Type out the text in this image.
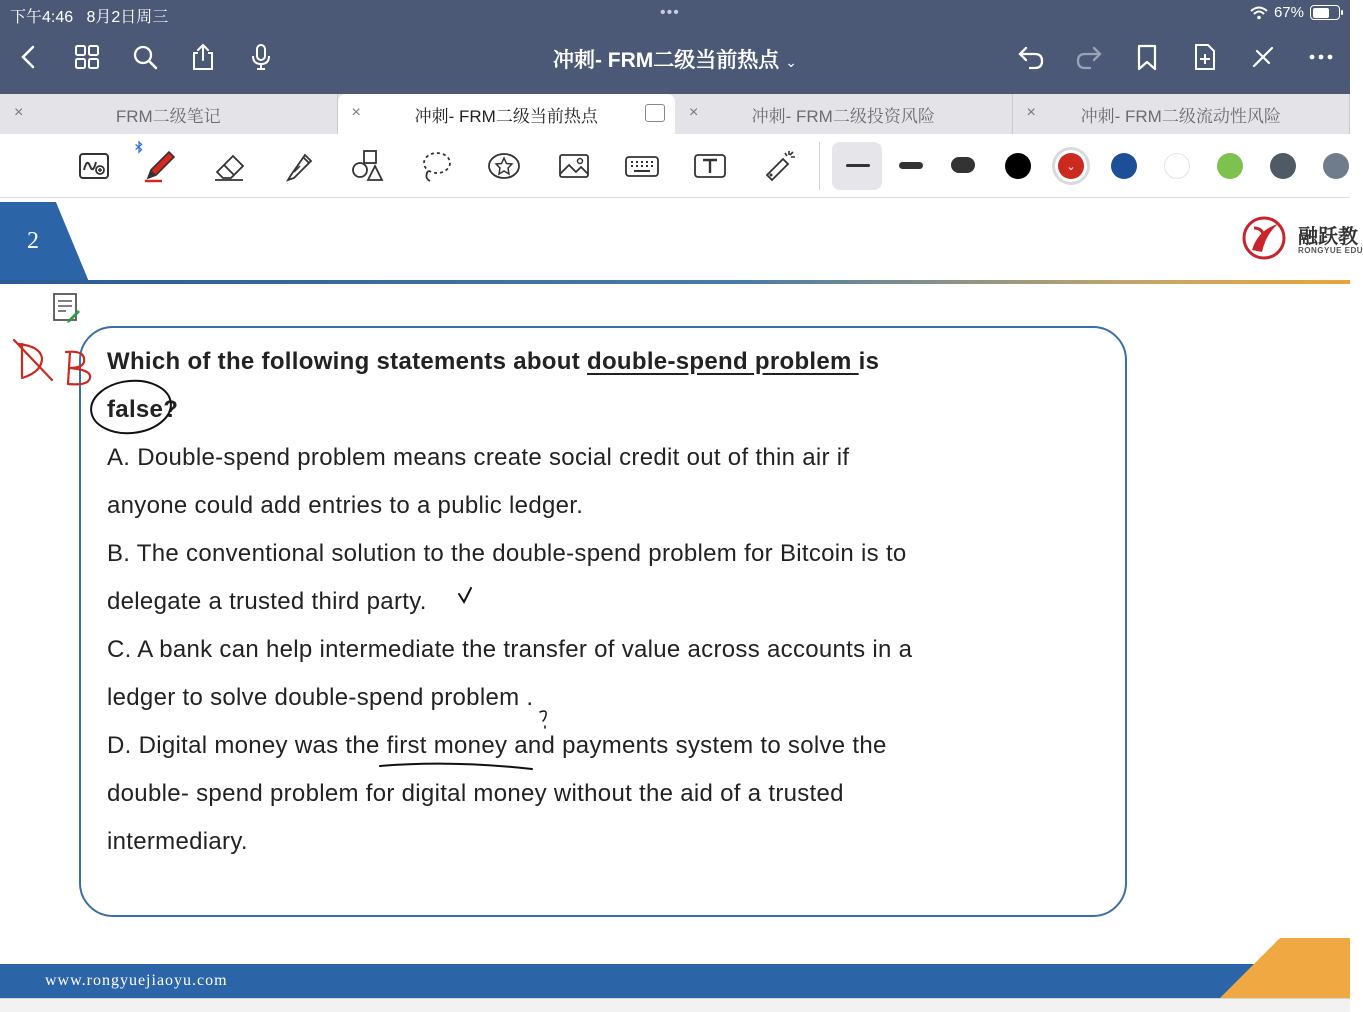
下午4:46 8月2日周三	•••	67%
冲刺- FRM二级当前热点 ⌄
×	FRM二级笔记	×	冲刺- FRM二级当前热点	×	冲刺- FRM二级投资风险	×	冲刺- FRM二级流动性风险
⌄
2	融跃教
RONGYUE EDU
Which of the following statements about double-spend problem is
false?
A. Double-spend problem means create social credit out of thin air if
anyone could add entries to a public ledger.
B. The conventional solution to the double-spend problem for Bitcoin is to
delegate a trusted third party.
C. A bank can help intermediate the transfer of value across accounts in a
ledger to solve double-spend problem .
D. Digital money was the first money and payments system to solve the
double- spend problem for digital money without the aid of a trusted
intermediary.
www.rongyuejiaoyu.com
